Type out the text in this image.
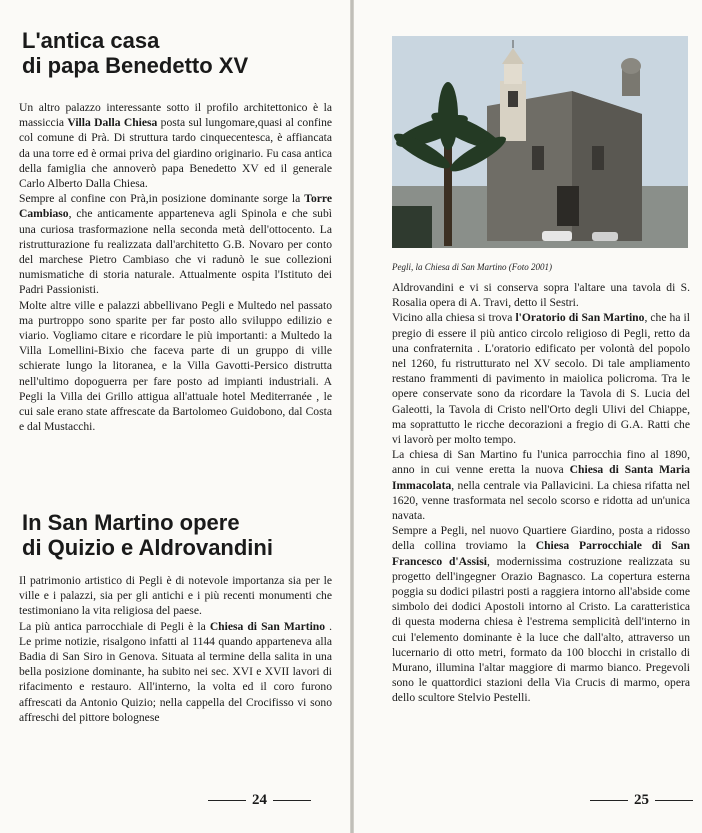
L'antica casa
di papa Benedetto XV

Un altro palazzo interessante sotto il profilo architettonico è la massiccia Villa Dalla Chiesa posta sul lungomare,quasi al confine col comune di Prà. Di struttura tardo cinquecentesca, è affiancata da una torre ed è ormai priva del giardino originario. Fu casa antica della famiglia che annoverò papa Benedetto XV ed il generale Carlo Alberto Dalla Chiesa.

Sempre al confine con Prà,in posizione dominante sorge la Torre Cambiaso, che anticamente apparteneva agli Spinola e che subì una curiosa trasformazione nella seconda metà dell'ottocento. La ristrutturazione fu realizzata dall'architetto G.B. Novaro per conto del marchese Pietro Cambiaso che vi radunò le sue collezioni numismatiche di storia naturale. Attualmente ospita l'Istituto dei Padri Passionisti.

Molte altre ville e palazzi abbellivano Pegli e Multedo nel passato ma purtroppo sono sparite per far posto allo sviluppo edilizio e viario. Vogliamo citare e ricordare le più importanti: a Multedo la Villa Lomellini-Bixio che faceva parte di un gruppo di ville schierate lungo la litoranea, e la Villa Gavotti-Persico distrutta nell'ultimo dopoguerra per fare posto ad impianti industriali. A Pegli la Villa dei Grillo attigua all'attuale hotel Mediterranée , le cui sale erano state affrescate da Bartolomeo Guidobono, dal Costa e dal Mustacchi.

In San Martino opere
di Quizio e Aldrovandini

Il patrimonio artistico di Pegli è di notevole importanza sia per le ville e i palazzi, sia per gli antichi e i più recenti monumenti che testimoniano la vita religiosa del paese.

La più antica parrocchiale di Pegli è la Chiesa di San Martino . Le prime notizie, risalgono infatti al 1144 quando apparteneva alla Badia di San Siro in Genova. Situata al termine della salita in una bella posizione dominante, ha subito nei sec. XVI e XVII lavori di rifacimento e restauro. All'interno, la volta ed il coro furono affrescati da Antonio Quizio; nella cappella del Crocifisso vi sono affreschi del pittore bolognese

24

Pegli, la Chiesa di San Martino (Foto 2001)

Aldrovandini e vi si conserva sopra l'altare una tavola di S. Rosalia opera di A. Travi, detto il Sestri.

Vicino alla chiesa si trova l'Oratorio di San Martino, che ha il pregio di essere il più antico circolo religioso di Pegli, retto da una confraternita . L'oratorio edificato per volontà del popolo nel 1260, fu ristrutturato nel XV secolo. Di tale ampliamento restano frammenti di pavimento in maiolica policroma. Tra le opere conservate sono da ricordare la Tavola di S. Lucia del Galeotti, la Tavola di Cristo nell'Orto degli Ulivi del Chiappe, ma soprattutto le ricche decorazioni a fregio di G.A. Ratti che vi lavorò per molto tempo.

La chiesa di San Martino fu l'unica parrocchia fino al 1890, anno in cui venne eretta la nuova Chiesa di Santa Maria Immacolata, nella centrale via Pallavicini. La chiesa rifatta nel 1620, venne trasformata nel secolo scorso e ridotta ad un'unica navata.

Sempre a Pegli, nel nuovo Quartiere Giardino, posta a ridosso della collina troviamo la Chiesa Parrocchiale di San Francesco d'Assisi, modernissima costruzione realizzata su progetto dell'ingegner Orazio Bagnasco. La copertura esterna poggia su dodici pilastri posti a raggiera intorno all'abside come simbolo dei dodici Apostoli intorno al Cristo. La caratteristica di questa moderna chiesa è l'estrema semplicità dell'interno in cui l'elemento dominante è la luce che dall'alto, attraverso un lucernario di otto metri, formato da 100 blocchi in cristallo di Murano, illumina l'altar maggiore di marmo bianco. Pregevoli sono le quattordici stazioni della Via Crucis di marmo, opera dello scultore Stelvio Pestelli.

25
